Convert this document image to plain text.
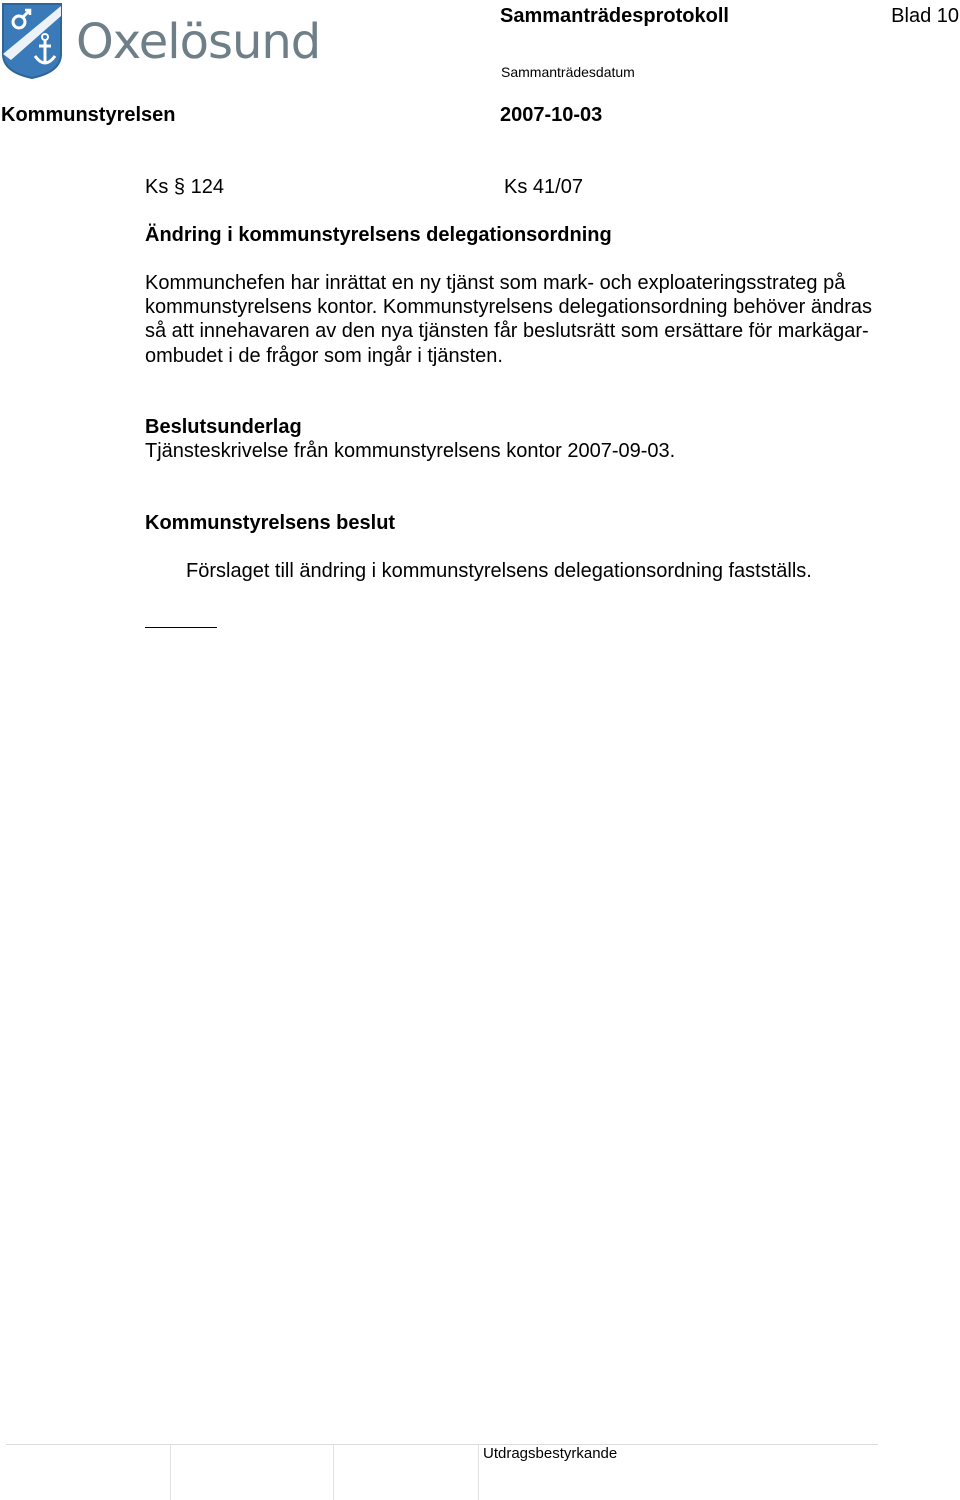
Oxelösund	Sammanträdesprotokoll	Blad 10
Sammanträdesdatum
Kommunstyrelsen	2007-10-03
Ks § 124	Ks 41/07
Ändring i kommunstyrelsens delegationsordning
Kommunchefen har inrättat en ny tjänst som mark- och exploateringsstrateg på
kommunstyrelsens kontor. Kommunstyrelsens delegationsordning behöver ändras
så att innehavaren av den nya tjänsten får beslutsrätt som ersättare för markägar-
ombudet i de frågor som ingår i tjänsten.
Beslutsunderlag
Tjänsteskrivelse från kommunstyrelsens kontor 2007-09-03.
Kommunstyrelsens beslut
Förslaget till ändring i kommunstyrelsens delegationsordning fastställs.
Utdragsbestyrkande
